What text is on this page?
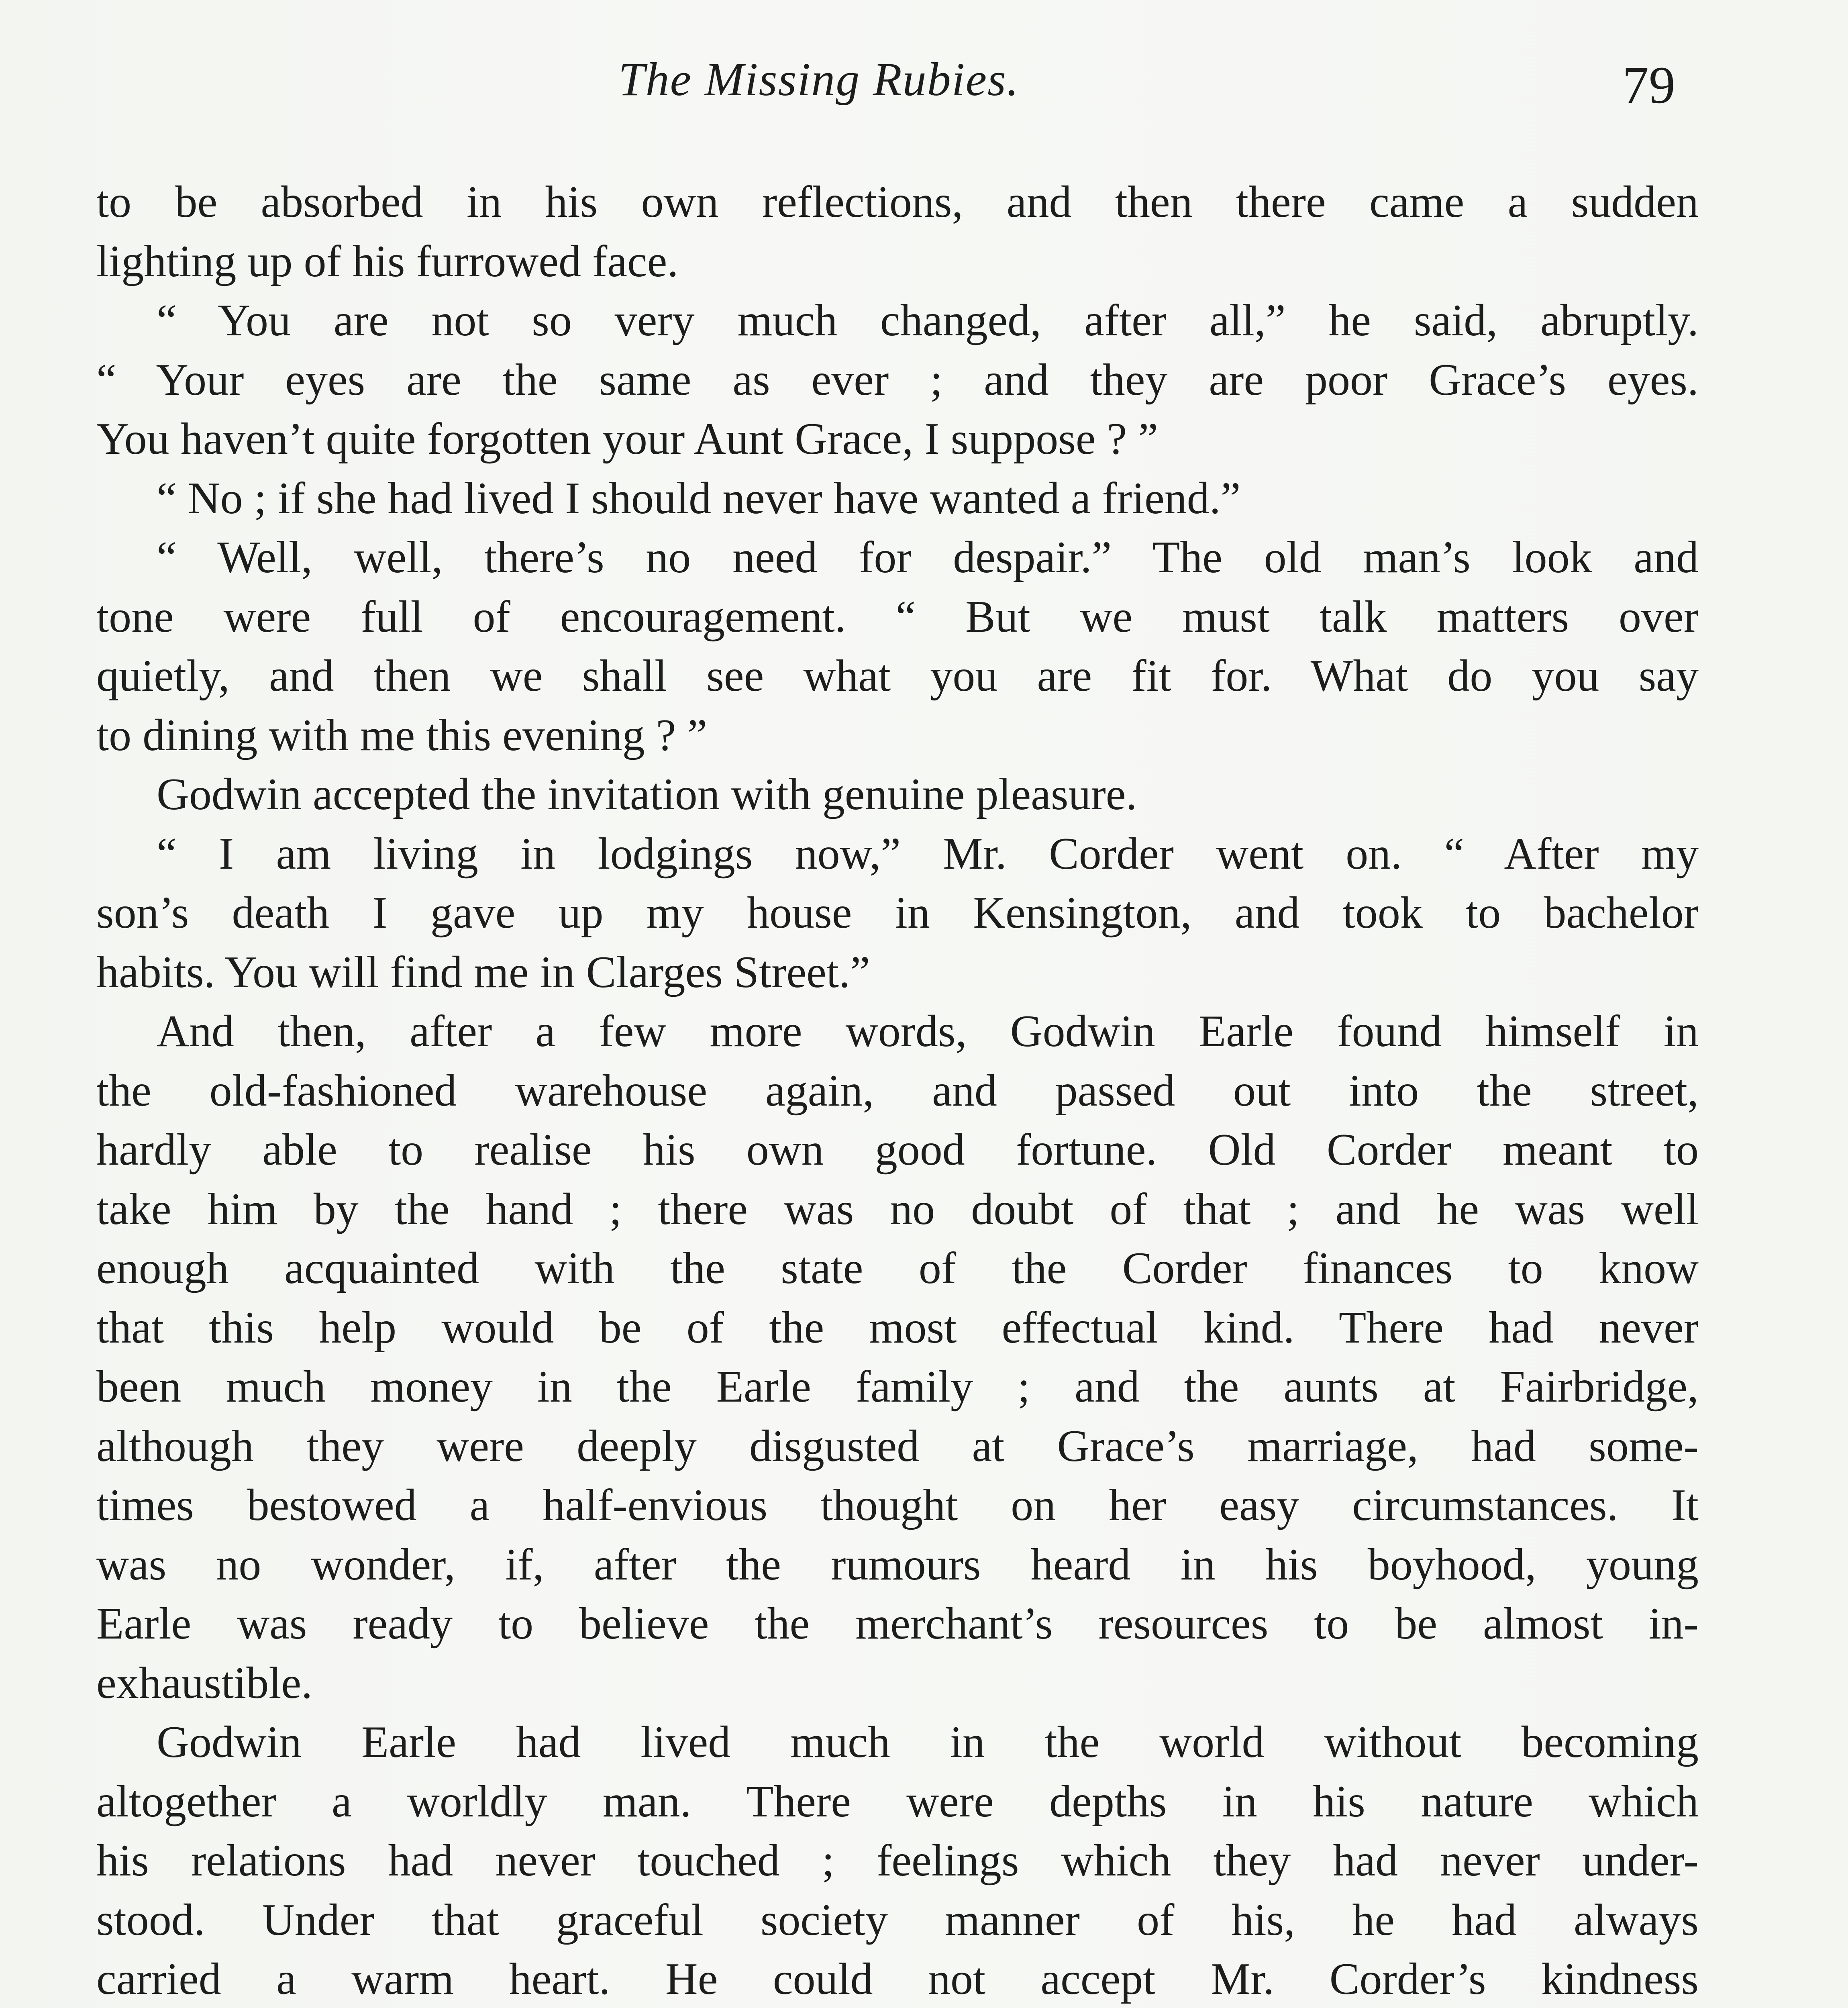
The Missing Rubies.	79
to be absorbed in his own reflections, and then there came a sudden
lighting up of his furrowed face.
“ You are not so very much changed, after all,” he said, abruptly.
“ Your eyes are the same as ever ; and they are poor Grace’s eyes.
You haven’t quite forgotten your Aunt Grace, I suppose ? ”
“ No ; if she had lived I should never have wanted a friend.”
“ Well, well, there’s no need for despair.” The old man’s look and
tone were full of encouragement. “ But we must talk matters over
quietly, and then we shall see what you are fit for. What do you say
to dining with me this evening ? ”
Godwin accepted the invitation with genuine pleasure.
“ I am living in lodgings now,” Mr. Corder went on. “ After my
son’s death I gave up my house in Kensington, and took to bachelor
habits. You will find me in Clarges Street.”
And then, after a few more words, Godwin Earle found himself in
the old-fashioned warehouse again, and passed out into the street,
hardly able to realise his own good fortune. Old Corder meant to
take him by the hand ; there was no doubt of that ; and he was well
enough acquainted with the state of the Corder finances to know
that this help would be of the most effectual kind. There had never
been much money in the Earle family ; and the aunts at Fairbridge,
although they were deeply disgusted at Grace’s marriage, had some-
times bestowed a half-envious thought on her easy circumstances. It
was no wonder, if, after the rumours heard in his boyhood, young
Earle was ready to believe the merchant’s resources to be almost in-
exhaustible.
Godwin Earle had lived much in the world without becoming
altogether a worldly man. There were depths in his nature which
his relations had never touched ; feelings which they had never under-
stood. Under that graceful society manner of his, he had always
carried a warm heart. He could not accept Mr. Corder’s kindness
